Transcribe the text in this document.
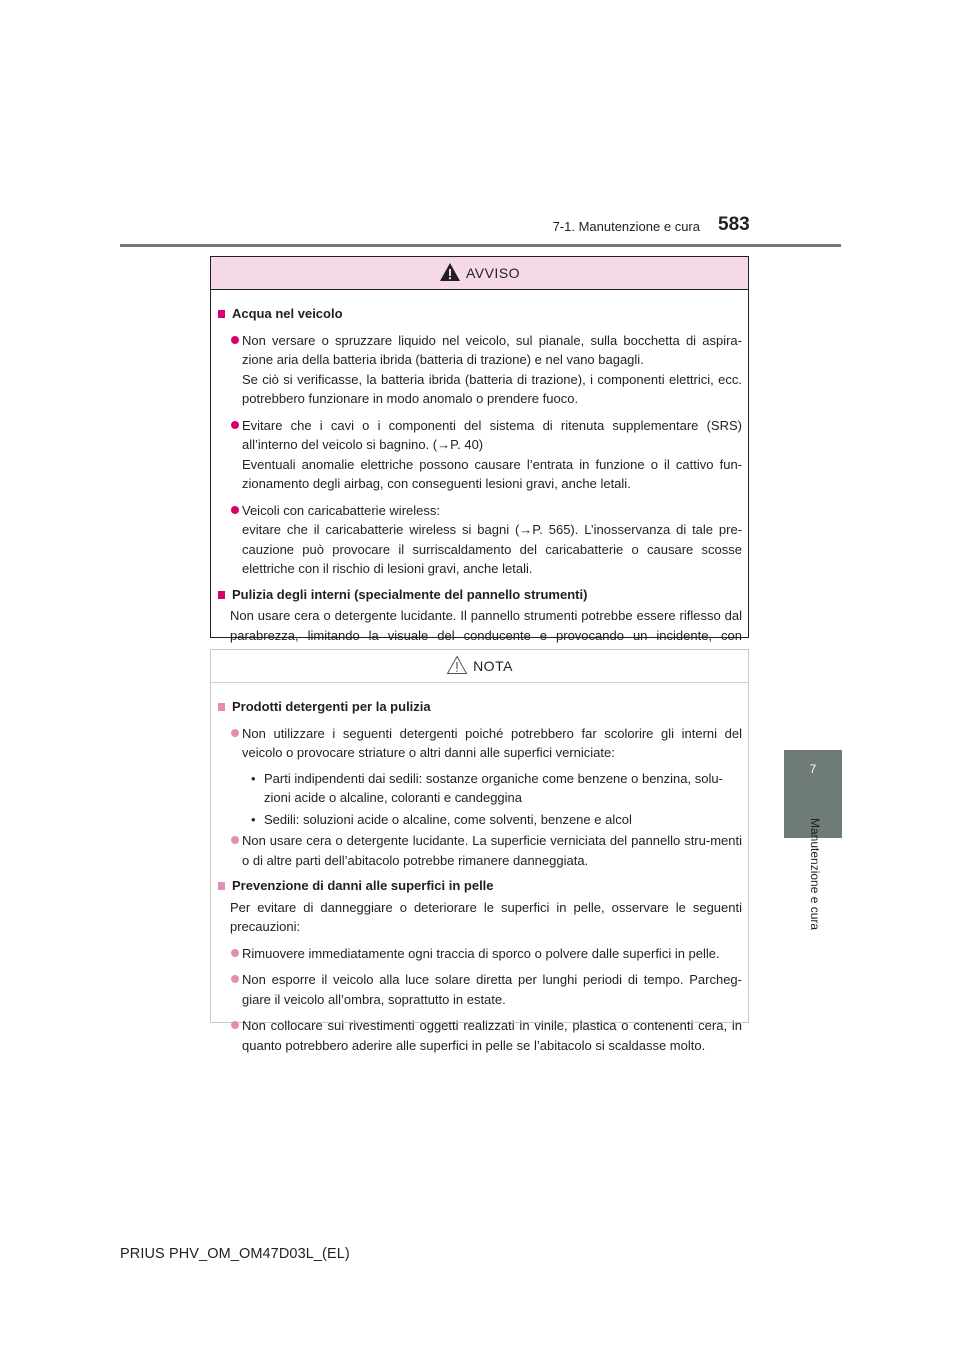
7-1. Manutenzione e cura 583
7
Manutenzione e cura
AVVISO
Acqua nel veicolo

Non versare o spruzzare liquido nel veicolo, sul pianale, sulla bocchetta di aspira-zione aria della batteria ibrida (batteria di trazione) e nel vano bagagli.

Se ciò si verificasse, la batteria ibrida (batteria di trazione), i componenti elettrici, ecc. potrebbero funzionare in modo anomalo o prendere fuoco.

Evitare che i cavi o i componenti del sistema di ritenuta supplementare (SRS) all’interno del veicolo si bagnino. (→P. 40)

Eventuali anomalie elettriche possono causare l’entrata in funzione o il cattivo fun-zionamento degli airbag, con conseguenti lesioni gravi, anche letali.

Veicoli con caricabatterie wireless:

evitare che il caricabatterie wireless si bagni (→P. 565). L’inosservanza di tale pre-cauzione può provocare il surriscaldamento del caricabatterie o causare scosse elettriche con il rischio di lesioni gravi, anche letali.

Pulizia degli interni (specialmente del pannello strumenti)
Non usare cera o detergente lucidante. Il pannello strumenti potrebbe essere riflesso dal parabrezza, limitando la visuale del conducente e provocando un incidente, con
NOTA
Prodotti detergenti per la pulizia

Non utilizzare i seguenti detergenti poiché potrebbero far scolorire gli interni del veicolo o provocare striature o altri danni alle superfici verniciate:

• Parti indipendenti dai sedili: sostanze organiche come benzene o benzina, solu-zioni acide o alcaline, coloranti e candeggina
• Sedili: soluzioni acide o alcaline, come solventi, benzene e alcol

Non usare cera o detergente lucidante. La superficie verniciata del pannello stru-menti o di altre parti dell’abitacolo potrebbe rimanere danneggiata.

Prevenzione di danni alle superfici in pelle
Per evitare di danneggiare o deteriorare le superfici in pelle, osservare le seguenti precauzioni:

Rimuovere immediatamente ogni traccia di sporco o polvere dalle superfici in pelle.

Non esporre il veicolo alla luce solare diretta per lunghi periodi di tempo. Parcheg-giare il veicolo all’ombra, soprattutto in estate.

Non collocare sui rivestimenti oggetti realizzati in vinile, plastica o contenenti cera, in quanto potrebbero aderire alle superfici in pelle se l’abitacolo si scaldasse molto.

PRIUS PHV_OM_OM47D03L_(EL)
